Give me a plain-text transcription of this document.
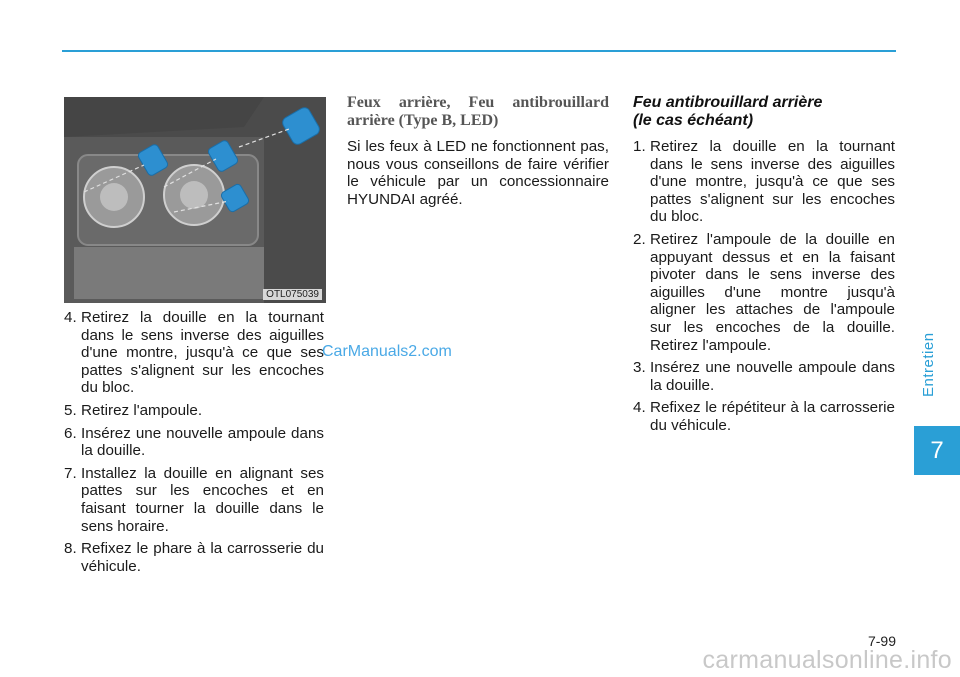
OTL075039
4. Retirez la douille en la tournant dans le sens inverse des aiguilles d'une montre, jusqu'à ce que ses pattes s'alignent sur les encoches du bloc.
5. Retirez l'ampoule.
6. Insérez une nouvelle ampoule dans la douille.
7. Installez la douille en alignant ses pattes sur les encoches et en faisant tourner la douille dans le sens horaire.
8. Refixez le phare à la carrosserie du véhicule.
Feux arrière, Feu antibrouillard arrière (Type B, LED)

Si les feux à LED ne fonctionnent pas, nous vous conseillons de faire vérifier le véhicule par un concessionnaire HYUNDAI agréé.

Feu antibrouillard arrière
(le cas échéant)
1. Retirez la douille en la tournant dans le sens inverse des aiguilles d'une montre, jusqu'à ce que ses pattes s'alignent sur les encoches du bloc.
2. Retirez l'ampoule de la douille en appuyant dessus et en la faisant pivoter dans le sens inverse des aiguilles d'une montre jusqu'à aligner les attaches de l'ampoule sur les encoches de la douille. Retirez l'ampoule.
3. Insérez une nouvelle ampoule dans la douille.
4. Refixez le répétiteur à la carrosserie du véhicule.
CarManuals2.com	Entretien
7
7-99
carmanualsonline.info
